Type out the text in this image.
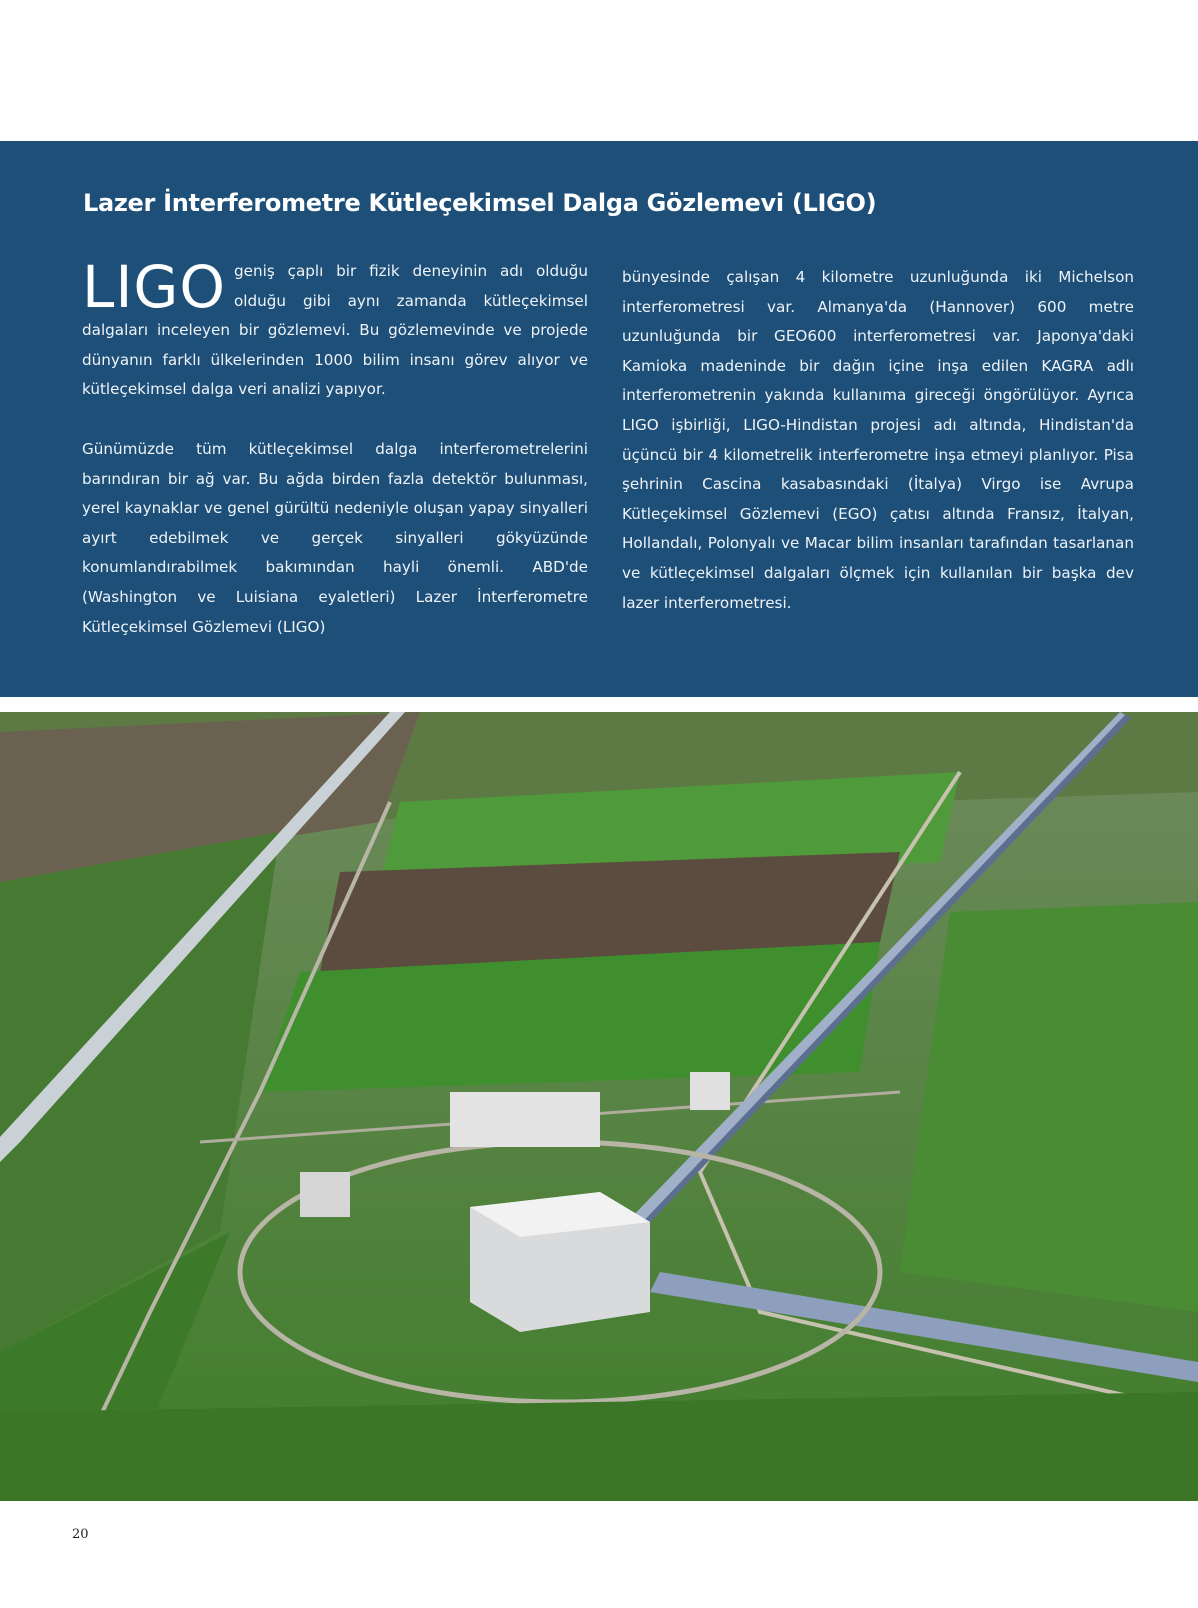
Lazer İnterferometre Kütleçekimsel Dalga Gözlemevi (LIGO)

LIGO geniş çaplı bir fizik deneyinin adı olduğu olduğu gibi aynı zamanda kütleçekimsel dalgaları inceleyen bir gözlemevi. Bu gözlemevinde ve projede dünyanın farklı ülkelerinden 1000 bilim insanı görev alıyor ve kütleçekimsel dalga veri analizi yapıyor.

Günümüzde tüm kütleçekimsel dalga interferometrelerini barındıran bir ağ var. Bu ağda birden fazla detektör bulunması, yerel kaynaklar ve genel gürültü nedeniyle oluşan yapay sinyalleri ayırt edebilmek ve gerçek sinyalleri gökyüzünde konumlandırabilmek bakımından hayli önemli. ABD'de (Washington ve Luisiana eyaletleri) Lazer İnterferometre Kütleçekimsel Gözlemevi (LIGO)

bünyesinde çalışan 4 kilometre uzunluğunda iki Michelson interferometresi var. Almanya'da (Hannover) 600 metre uzunluğunda bir GEO600 interferometresi var. Japonya'daki Kamioka madeninde bir dağın içine inşa edilen KAGRA adlı interferometrenin yakında kullanıma gireceği öngörülüyor. Ayrıca LIGO işbirliği, LIGO-Hindistan projesi adı altında, Hindistan'da üçüncü bir 4 kilometrelik interferometre inşa etmeyi planlıyor. Pisa şehrinin Cascina kasabasındaki (İtalya) Virgo ise Avrupa Kütleçekimsel Gözlemevi (EGO) çatısı altında Fransız, İtalyan, Hollandalı, Polonyalı ve Macar bilim insanları tarafından tasarlanan ve kütleçekimsel dalgaları ölçmek için kullanılan bir başka dev lazer interferometresi.

20
